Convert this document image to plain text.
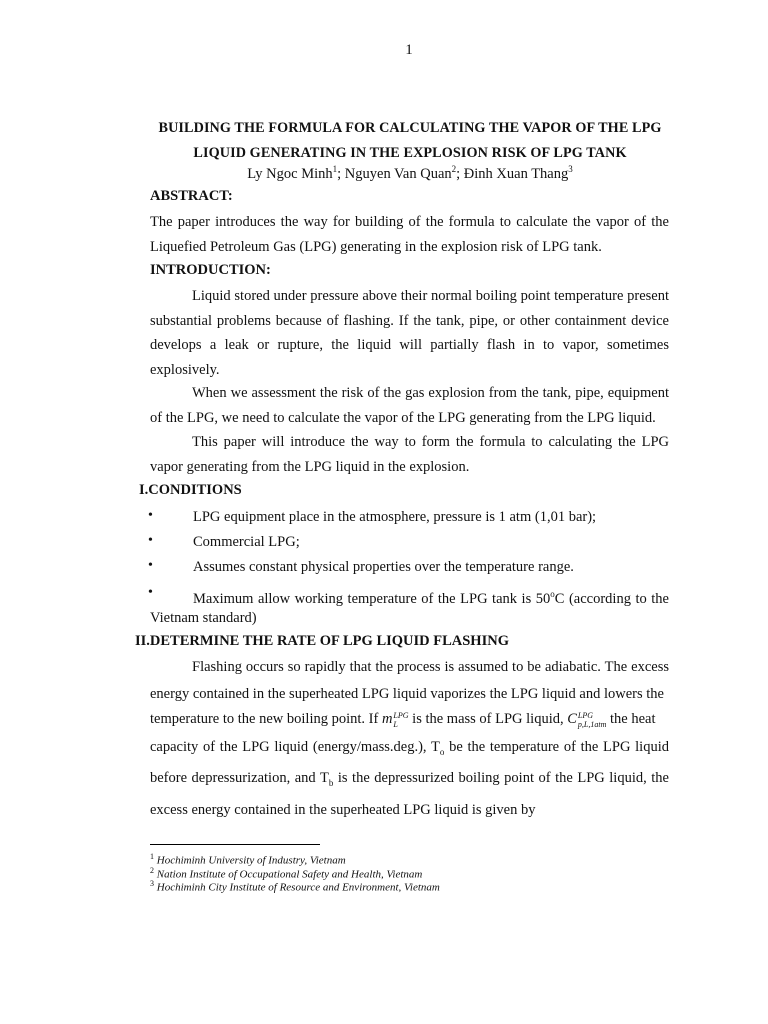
1
BUILDING THE FORMULA FOR CALCULATING THE VAPOR OF THE LPG
LIQUID GENERATING IN THE EXPLOSION RISK OF LPG TANK
Ly Ngoc Minh$^1$; Nguyen Van Quan$^2$; Đinh Xuan Thang$^3$
ABSTRACT:
The paper introduces the way for building of the formula to calculate the vapor of the Liquefied Petroleum Gas (LPG) generating in the explosion risk of LPG tank.
INTRODUCTION:
Liquid stored under pressure above their normal boiling point temperature present substantial problems because of flashing. If the tank, pipe, or other containment device develops a leak or rupture, the liquid will partially flash in to vapor, sometimes explosively.
When we assessment the risk of the gas explosion from the tank, pipe, equipment of the LPG, we need to calculate the vapor of the LPG generating from the LPG liquid.
This paper will introduce the way to form the formula to calculating the LPG vapor generating from the LPG liquid in the explosion.
I.CONDITIONS
•	LPG equipment place in the atmosphere, pressure is 1 atm (1,01 bar);
•	Commercial LPG;
•	Assumes constant physical properties over the temperature range.
•	Maximum allow working temperature of the LPG tank is 50$^o$C (according to the
Vietnam standard)
II.DETERMINE THE RATE OF LPG LIQUID FLASHING
Flashing occurs so rapidly that the process is assumed to be adiabatic. The excess energy contained in the superheated LPG liquid vaporizes the LPG liquid and lowers the
temperature to the new boiling point. If m LPG
L is the mass of LPG liquid, C LPG
p,L,1atm the heat
capacity of the LPG liquid (energy/mass.deg.), $T_o$ be the temperature of the LPG liquid before depressurization, and $T_b$ is the depressurized boiling point of the LPG liquid, the excess energy contained in the superheated LPG liquid is given by
$^1$ Hochiminh University of Industry, Vietnam
$^2$ Nation Institute of Occupational Safety and Health, Vietnam
$^3$ Hochiminh City Institute of Resource and Environment, Vietnam
